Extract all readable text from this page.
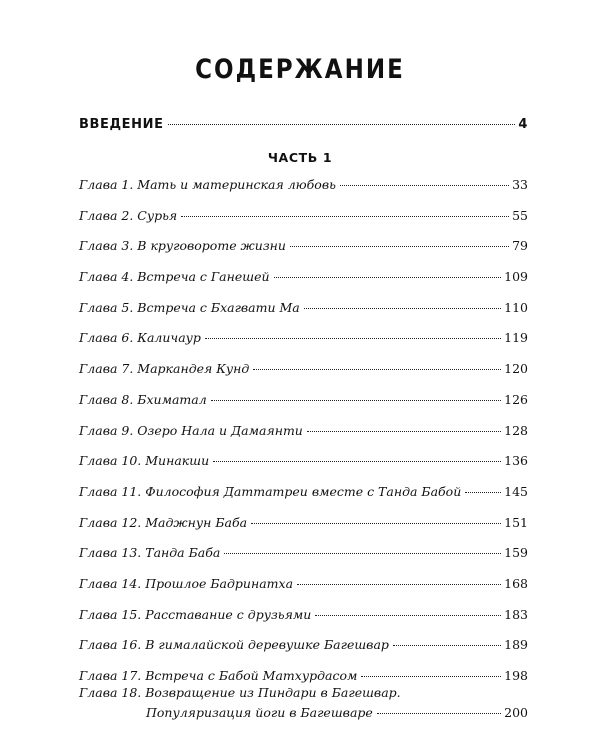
СОДЕРЖАНИЕ
ВВЕДЕНИЕ	4
ЧАСТЬ 1
Глава 1. Мать и материнская любовь	33
Глава 2. Сурья	55
Глава 3. В круговороте жизни	79
Глава 4. Встреча с Ганешей	109
Глава 5. Встреча с Бхагвати Ма	110
Глава 6. Каличаур	119
Глава 7. Маркандея Кунд	120
Глава 8. Бхиматал	126
Глава 9. Озеро Нала и Дамаянти	128
Глава 10. Минакши	136
Глава 11. Философия Даттатреи вместе с Танда Бабой	145
Глава 12. Маджнун Баба	151
Глава 13. Танда Баба	159
Глава 14. Прошлое Бадринатха	168
Глава 15. Расставание с друзьями	183
Глава 16. В гималайской деревушке Багешвар	189
Глава 17. Встреча с Бабой Матхурдасом	198
Глава 18. Возвращение из Пиндари в Багешвар.
Популяризация йоги в Багешваре	200
